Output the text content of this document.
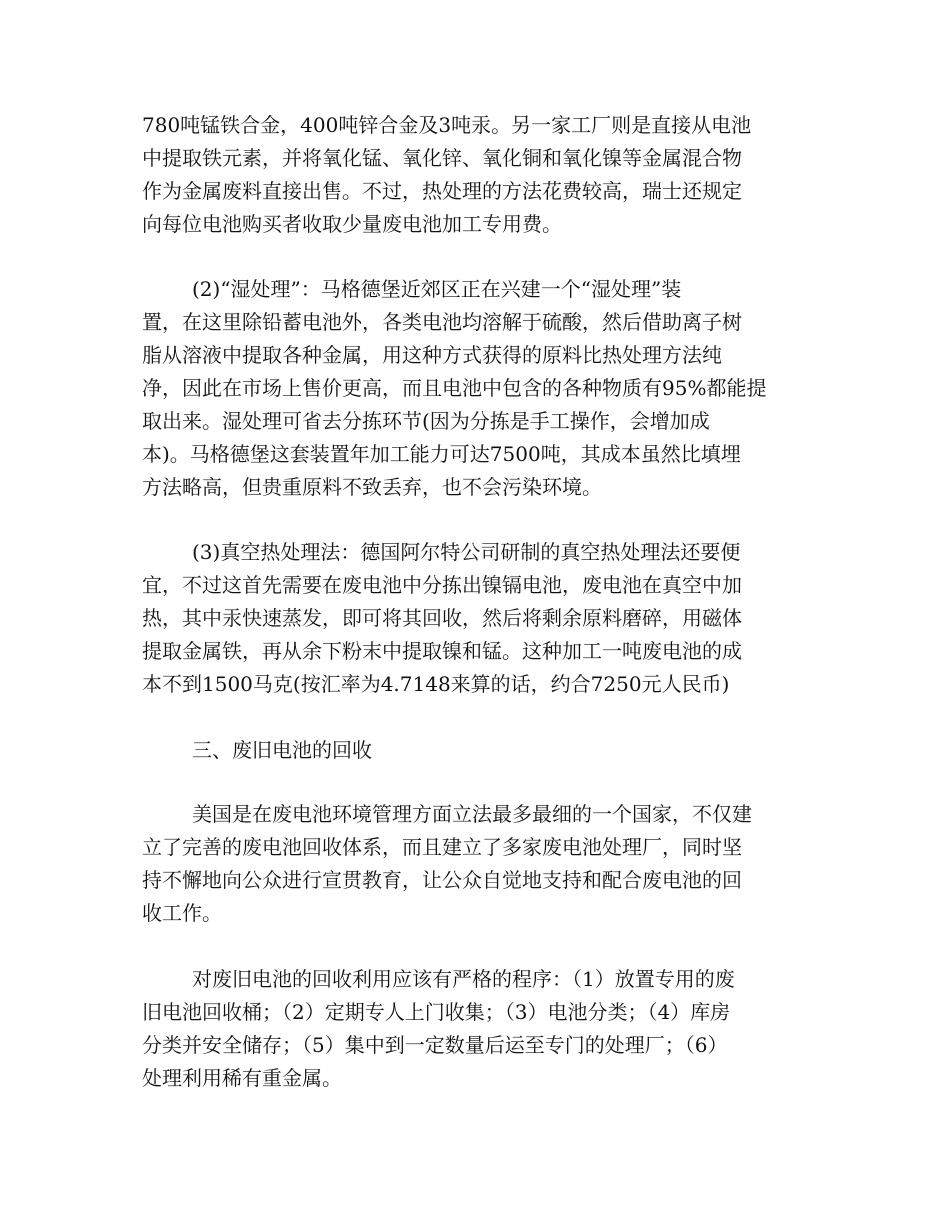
780吨锰铁合金，400吨锌合金及3吨汞。另一家工厂则是直接从电池
中提取铁元素，并将氧化锰、氧化锌、氧化铜和氧化镍等金属混合物
作为金属废料直接出售。不过，热处理的方法花费较高，瑞士还规定
向每位电池购买者收取少量废电池加工专用费。
(2)“湿处理”：马格德堡近郊区正在兴建一个“湿处理”装
置，在这里除铅蓄电池外，各类电池均溶解于硫酸，然后借助离子树
脂从溶液中提取各种金属，用这种方式获得的原料比热处理方法纯
净，因此在市场上售价更高，而且电池中包含的各种物质有95%都能提
取出来。湿处理可省去分拣环节(因为分拣是手工操作，会增加成
本)。马格德堡这套装置年加工能力可达7500吨，其成本虽然比填埋
方法略高，但贵重原料不致丢弃，也不会污染环境。
(3)真空热处理法：德国阿尔特公司研制的真空热处理法还要便
宜，不过这首先需要在废电池中分拣出镍镉电池，废电池在真空中加
热，其中汞快速蒸发，即可将其回收，然后将剩余原料磨碎，用磁体
提取金属铁，再从余下粉末中提取镍和锰。这种加工一吨废电池的成
本不到1500马克(按汇率为4.7148来算的话，约合7250元人民币)
三、废旧电池的回收
美国是在废电池环境管理方面立法最多最细的一个国家，不仅建
立了完善的废电池回收体系，而且建立了多家废电池处理厂，同时坚
持不懈地向公众进行宣贯教育，让公众自觉地支持和配合废电池的回
收工作。
对废旧电池的回收利用应该有严格的程序：（1）放置专用的废
旧电池回收桶；（2）定期专人上门收集；（3）电池分类；（4）库房
分类并安全储存；（5）集中到一定数量后运至专门的处理厂；（6）
处理利用稀有重金属。
